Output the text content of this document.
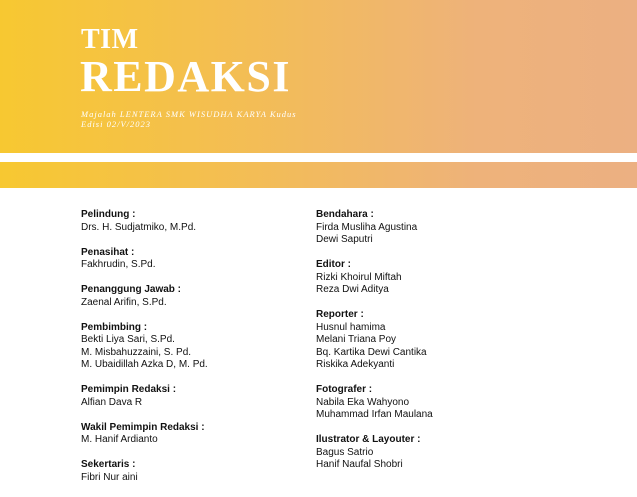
TIM
REDAKSI
Majalah LENTERA SMK WISUDHA KARYA Kudus
Edisi 02/V/2023
Pelindung :
Drs. H. Sudjatmiko, M.Pd.
Penasihat :
Fakhrudin, S.Pd.
Penanggung Jawab :
Zaenal Arifin, S.Pd.
Pembimbing :
Bekti Liya Sari, S.Pd.
M. Misbahuzzaini, S. Pd.
M. Ubaidillah Azka D, M. Pd.
Pemimpin Redaksi :
Alfian Dava R
Wakil Pemimpin Redaksi :
M. Hanif Ardianto
Sekertaris :
Fibri Nur aini
Bendahara :
Firda Musliha Agustina
Dewi Saputri
Editor :
Rizki Khoirul Miftah
Reza Dwi Aditya
Reporter :
Husnul hamima
Melani Triana Poy
Bq. Kartika Dewi Cantika
Riskika Adekyanti
Fotografer :
Nabila Eka Wahyono
Muhammad Irfan Maulana
Ilustrator & Layouter :
Bagus Satrio
Hanif Naufal Shobri
